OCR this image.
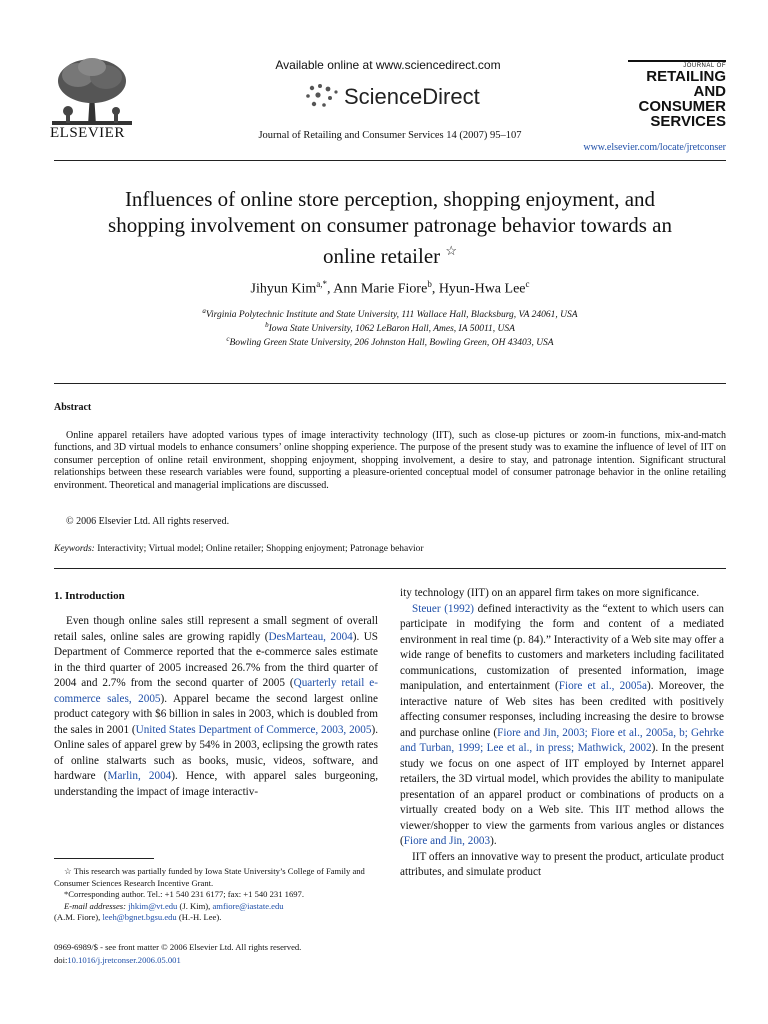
ELSEVIER
Available online at www.sciencedirect.com
ScienceDirect
Journal of Retailing and Consumer Services 14 (2007) 95–107
JOURNAL OF
RETAILING
AND
CONSUMER
SERVICES
www.elsevier.com/locate/jretconser
Influences of online store perception, shopping enjoyment, and
shopping involvement on consumer patronage behavior towards an
online retailer ☆
Jihyun Kim$^{a,*}$, Ann Marie Fiore$^b$, Hyun-Hwa Lee$^c$
$^a$Virginia Polytechnic Institute and State University, 111 Wallace Hall, Blacksburg, VA 24061, USA
$^b$Iowa State University, 1062 LeBaron Hall, Ames, IA 50011, USA
$^c$Bowling Green State University, 206 Johnston Hall, Bowling Green, OH 43403, USA
Abstract
Online apparel retailers have adopted various types of image interactivity technology (IIT), such as close-up pictures or zoom-in functions, mix-and-match functions, and 3D virtual models to enhance consumers’ online shopping experience. The purpose of the present study was to examine the influence of level of IIT on consumer perception of online retail environment, shopping enjoyment, shopping involvement, a desire to stay, and patronage intention. Significant structural relationships between these research variables were found, supporting a pleasure-oriented conceptual model of consumer patronage behavior in the online retailing environment. Theoretical and managerial implications are discussed.
© 2006 Elsevier Ltd. All rights reserved.
Keywords: Interactivity; Virtual model; Online retailer; Shopping enjoyment; Patronage behavior
1. Introduction

Even though online sales still represent a small segment of overall retail sales, online sales are growing rapidly (DesMarteau, 2004). US Department of Commerce reported that the e-commerce sales estimate in the third quarter of 2005 increased 26.7% from the third quarter of 2004 and 2.7% from the second quarter of 2005 (Quarterly retail e-commerce sales, 2005). Apparel became the second largest online product category with $6 billion in sales in 2003, which is doubled from the sales in 2001 (United States Department of Commerce, 2003, 2005). Online sales of apparel grew by 54% in 2003, eclipsing the growth rates of online stalwarts such as books, music, videos, software, and hardware (Marlin, 2004). Hence, with apparel sales burgeoning, understanding the impact of image interactiv-

☆ This research was partially funded by Iowa State University’s College of Family and Consumer Sciences Research Incentive Grant.
*Corresponding author. Tel.: +1 540 231 6177; fax: +1 540 231 1697.
E-mail addresses: jhkim@vt.edu (J. Kim), amfiore@iastate.edu
(A.M. Fiore), leeh@bgnet.bgsu.edu (H.-H. Lee).
0969-6989/$ - see front matter © 2006 Elsevier Ltd. All rights reserved.
doi:10.1016/j.jretconser.2006.05.001

ity technology (IIT) on an apparel firm takes on more significance.

Steuer (1992) defined interactivity as the “extent to which users can participate in modifying the form and content of a mediated environment in real time (p. 84).” Interactivity of a Web site may offer a wide range of benefits to customers and marketers including facilitated communications, customization of presented information, image manipulation, and entertainment (Fiore et al., 2005a). Moreover, the interactive nature of Web sites has been credited with positively affecting consumer responses, including increasing the desire to browse and purchase online (Fiore and Jin, 2003; Fiore et al., 2005a, b; Gehrke and Turban, 1999; Lee et al., in press; Mathwick, 2002). In the present study we focus on one aspect of IIT employed by Internet apparel retailers, the 3D virtual model, which provides the ability to manipulate presentation of an apparel product or combinations of products on a virtually created body on a Web site. This IIT method allows the viewer/shopper to view the garments from various angles or distances (Fiore and Jin, 2003).

IIT offers an innovative way to present the product, articulate product attributes, and simulate product
